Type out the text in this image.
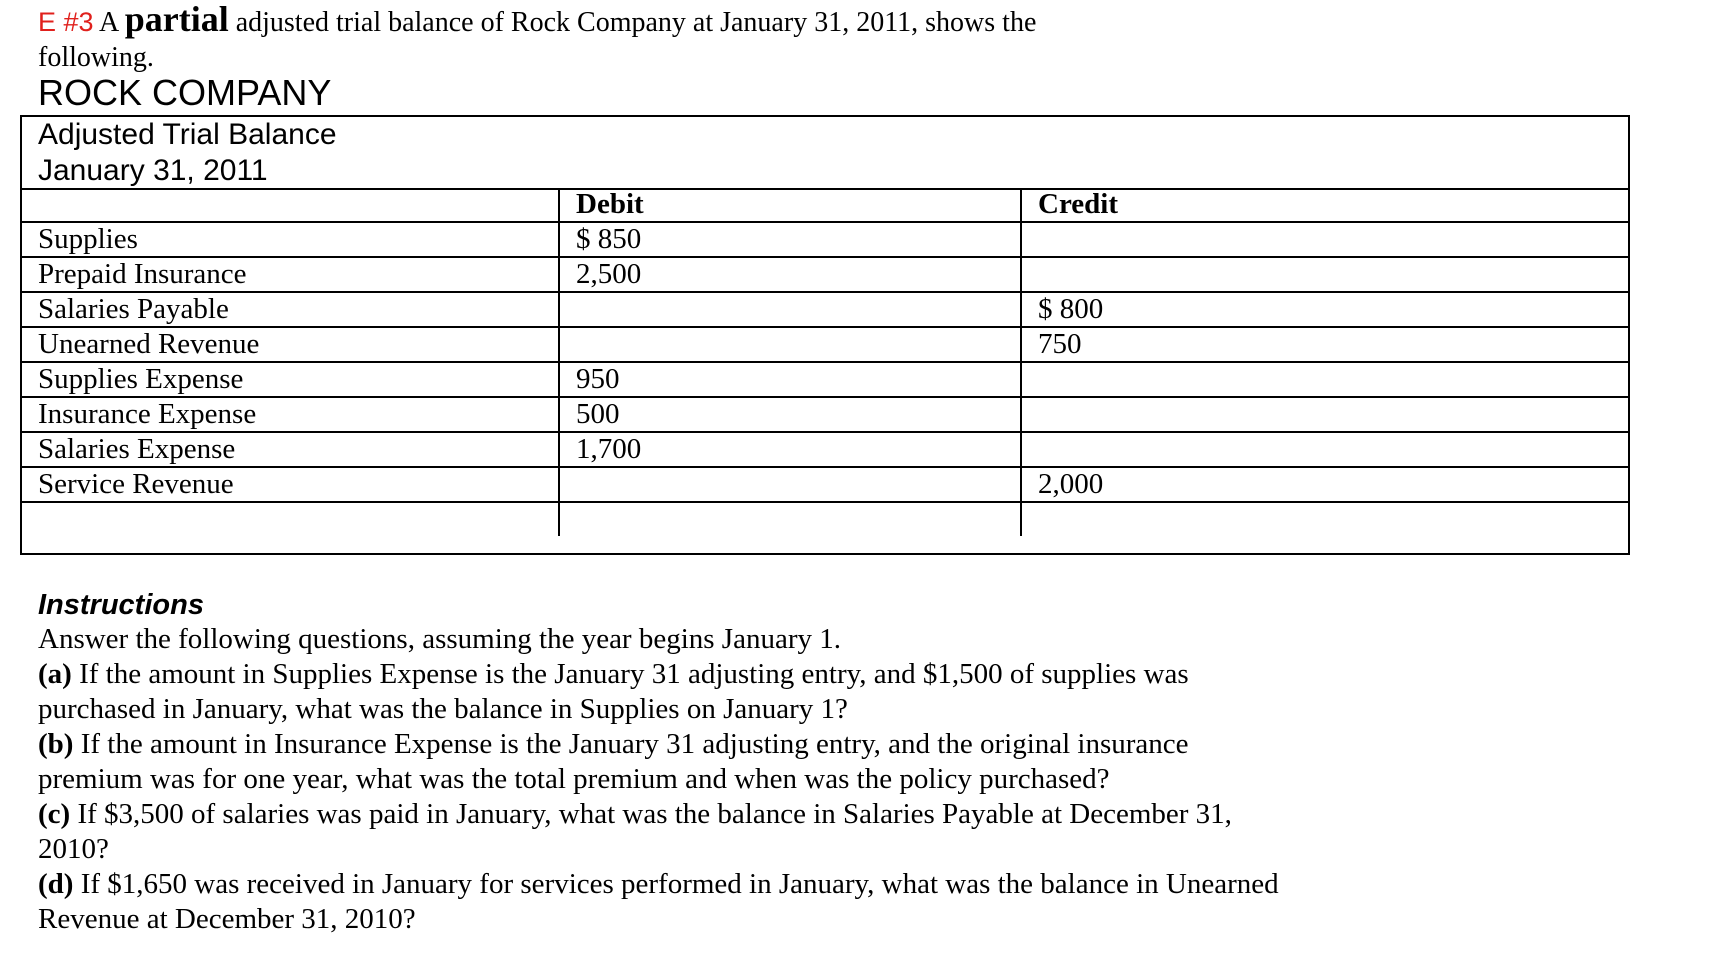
E #3 A partial adjusted trial balance of Rock Company at January 31, 2011, shows the following.
ROCK COMPANY
Adjusted Trial Balance
January 31, 2011
	Debit	Credit
Supplies	$ 850	
Prepaid Insurance	2,500	
Salaries Payable		$ 800
Unearned Revenue		750
Supplies Expense	950	
Insurance Expense	500	
Salaries Expense	1,700	
Service Revenue		2,000

Instructions

Answer the following questions, assuming the year begins January 1.

(a) If the amount in Supplies Expense is the January 31 adjusting entry, and $1,500 of supplies was purchased in January, what was the balance in Supplies on January 1?

(b) If the amount in Insurance Expense is the January 31 adjusting entry, and the original insurance premium was for one year, what was the total premium and when was the policy purchased?

(c) If $3,500 of salaries was paid in January, what was the balance in Salaries Payable at December 31, 2010?

(d) If $1,650 was received in January for services performed in January, what was the balance in Unearned Revenue at December 31, 2010?
